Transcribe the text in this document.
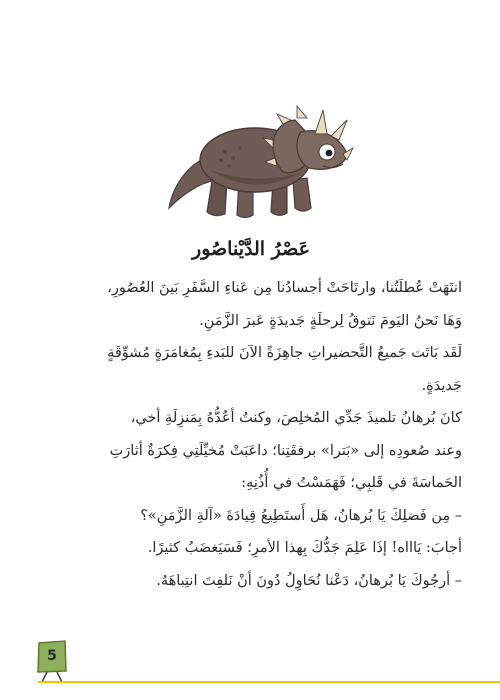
عَصْرُ الدَّيْناصُور

انتَهَتْ عُطلَتُنا، وارتَاحَتْ أجسادُنا مِن عَناءِ السَّفَرِ بَينَ العُصُورِ،

وَهَا نَحنُ اليَومَ نَتوقُ لِرحلَةٍ جَديدَةٍ عَبرَ الزَّمَنِ.

لَقَد بَاتَت جَميعُ التَّحضيراتِ جاهِزَةً الآنَ للبَدءِ بِمُغامَرَةٍ مُشوِّقَةٍ

جَديدَةٍ.

كانَ بُرهانُ تلميذَ جَدِّي المُخلِصَ، وكنتُ أعُدُّهُ بِمَنزِلَةِ أخي،

وعند صُعودِه إلى «بَترا» برفقَتِنا؛ داعَبَتْ مُخيِّلَتِي فِكرَةٌ أثارَتِ

الحَماسَةَ في قَلبِي؛ فَهَمَسْتُ في أُذُنِهِ:

– مِن فَضلِكَ يَا بُرهانُ، هَل أَستَطِيعُ قِيادَةَ «آلةِ الزَّمَنِ»؟

أجابَ: يَاااه! إذَا عَلِمَ جَدُّكَ بِهذا الأمرِ؛ فَسَيَغضَبُ كثيرًا.

– أرجُوكَ يَا بُرهانُ، دَعْنا نُحَاوِلُ دُونَ أنْ نَلفِتَ انتِباهَهُ.

5
